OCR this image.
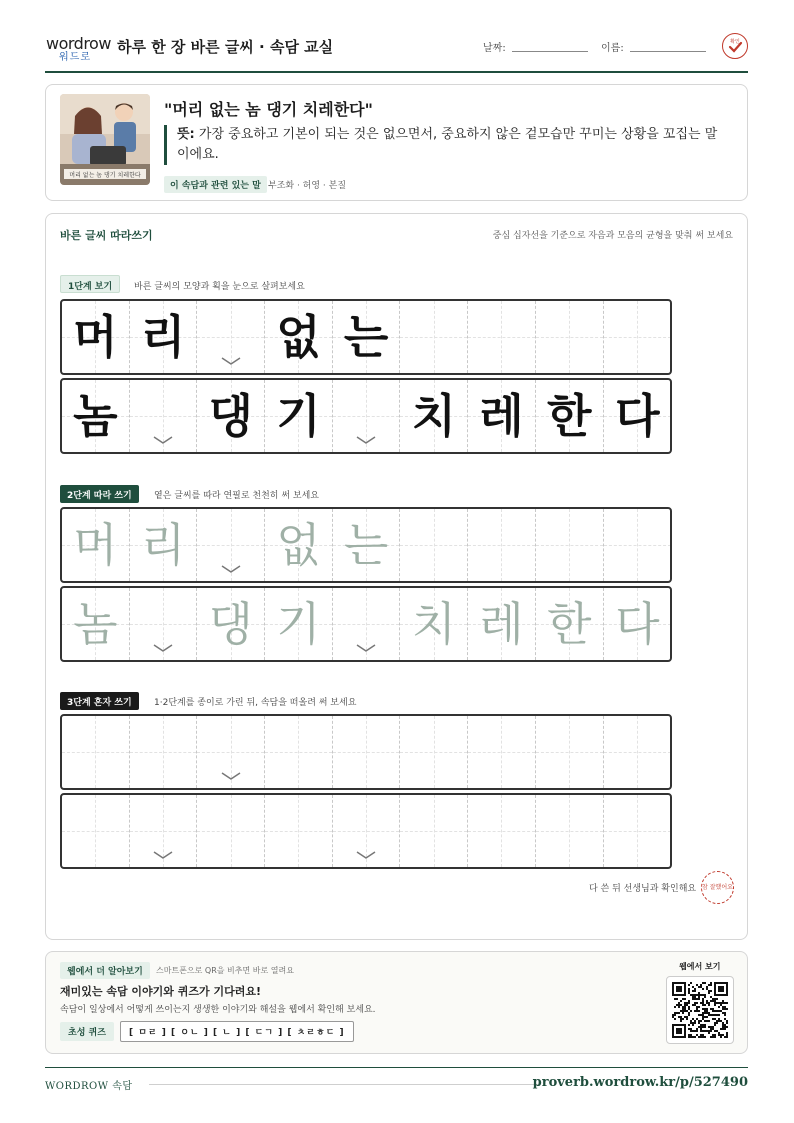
wordrow
워드로
하루 한 장 바른 글씨 · 속담 교실	날짜:	이름:
확인
머리 없는 놈 댕기 치레한다
"머리 없는 놈 댕기 치레한다"
뜻: 가장 중요하고 기본이 되는 것은 없으면서, 중요하지 않은 겉모습만 꾸미는 상황을 꼬집는 말이에요.
이 속담과 관련 있는 말 부조화 · 허영 · 본질
바른 글씨 따라쓰기	중심 십자선을 기준으로 자음과 모음의 균형을 맞춰 써 보세요
1단계 보기	바른 글씨의 모양과 획을 눈으로 살펴보세요
머 리 없 는
놈 댕 기 치 레 한 다
2단계 따라 쓰기	옅은 글씨를 따라 연필로 천천히 써 보세요
머 리 없 는
놈 댕 기 치 레 한 다
3단계 혼자 쓰기	1·2단계를 종이로 가린 뒤, 속담을 떠올려 써 보세요
다 쓴 뒤 선생님과 확인해요 참 잘했어요
웹에서 더 알아보기	스마트폰으로 QR을 비추면 바로 열려요
재미있는 속담 이야기와 퀴즈가 기다려요!
속담이 일상에서 어떻게 쓰이는지 생생한 이야기와 해설을 웹에서 확인해 보세요.
초성 퀴즈	[ ㅁㄹ ] [ ㅇㄴ ] [ ㄴ ] [ ㄷㄱ ] [ ㅊㄹㅎㄷ ]
웹에서 보기
WORDROW 속담	proverb.wordrow.kr/p/527490
